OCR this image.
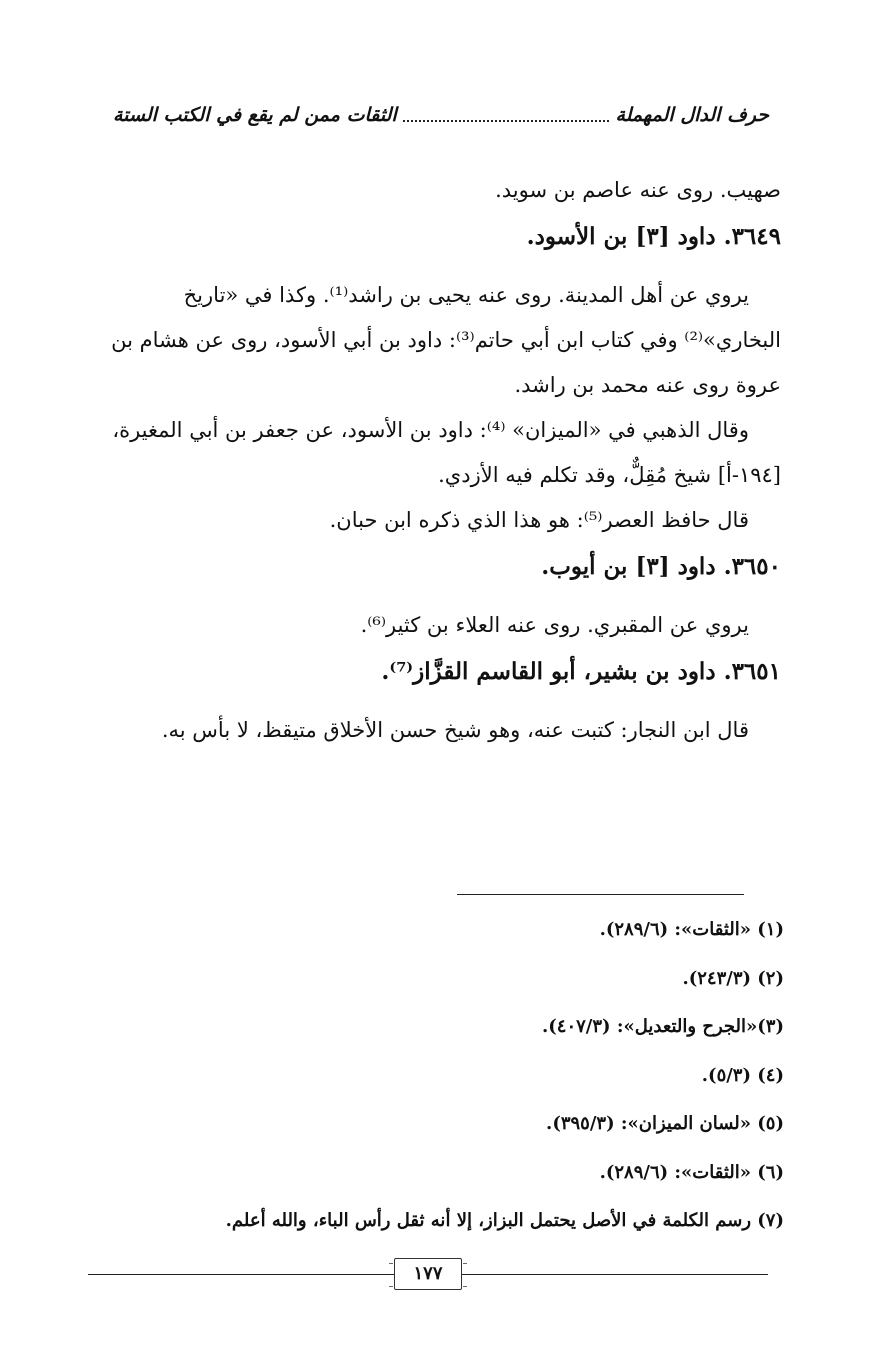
حرف الدال المهملة
الثقات ممن لم يقع في الكتب الستة
صهيب. روى عنه عاصم بن سويد.
٣٦٤٩. داود [٣] بن الأسود.
يروي عن أهل المدينة. روى عنه يحيى بن راشد⁽¹⁾. وكذا في «تاريخ
البخاري»⁽²⁾ وفي كتاب ابن أبي حاتم⁽³⁾: داود بن أبي الأسود، روى عن هشام بن
عروة روى عنه محمد بن راشد.
وقال الذهبي في «الميزان» ⁽⁴⁾: داود بن الأسود، عن جعفر بن أبي المغيرة،
[١٩٤-أ] شيخ مُقِلٌّ، وقد تكلم فيه الأزدي.
قال حافظ العصر⁽⁵⁾: هو هذا الذي ذكره ابن حبان.
٣٦٥٠. داود [٣] بن أيوب.
يروي عن المقبري. روى عنه العلاء بن كثير⁽⁶⁾.
٣٦٥١. داود بن بشير، أبو القاسم القزَّاز⁽⁷⁾.
قال ابن النجار: كتبت عنه، وهو شيخ حسن الأخلاق متيقظ، لا بأس به.
(١) «الثقات»: (٢٨٩/٦).
(٢) (٢٤٣/٣).
(٣)«الجرح والتعديل»: (٤٠٧/٣).
(٤) (٥/٣).
(٥) «لسان الميزان»: (٣٩٥/٣).
(٦) «الثقات»: (٢٨٩/٦).
(٧) رسم الكلمة في الأصل يحتمل البزاز، إلا أنه ثقل رأس الباء، والله أعلم.
١٧٧
